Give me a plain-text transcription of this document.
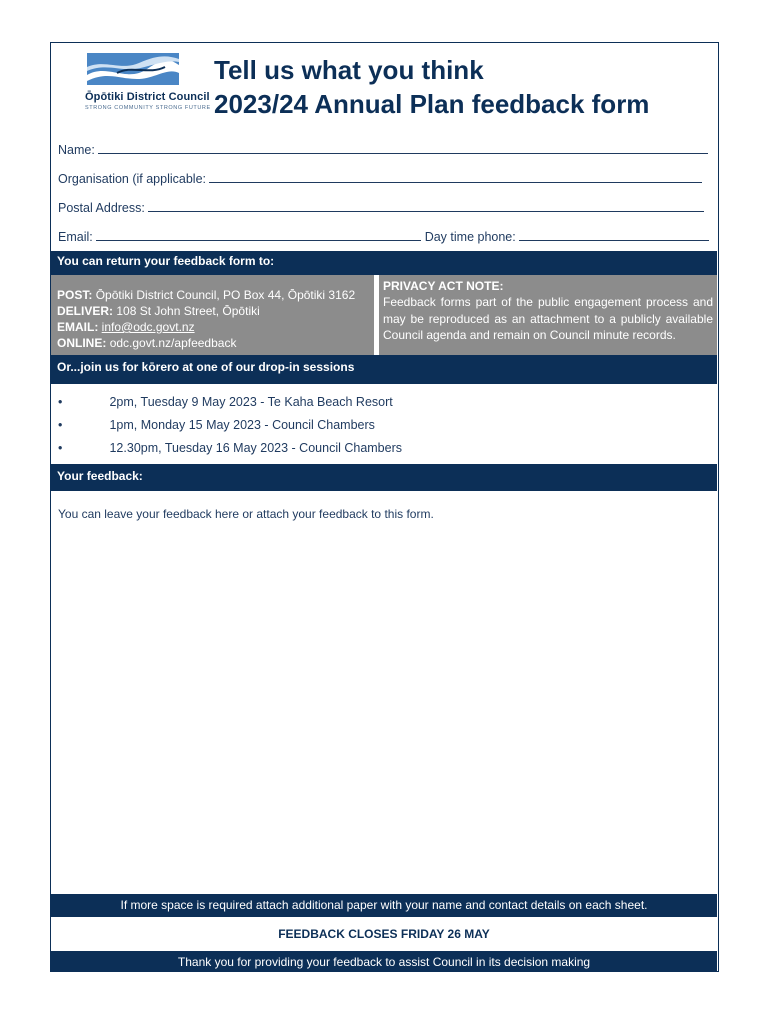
Ōpōtiki District Council
STRONG COMMUNITY STRONG FUTURE
Tell us what you think
2023/24 Annual Plan feedback form
Name:
Organisation (if applicable:
Postal Address:
Email:	Day time phone:
You can return your feedback form to:
POST: Ōpōtiki District Council, PO Box 44, Ōpōtiki 3162
DELIVER: 108 St John Street, Ōpōtiki
EMAIL: info@odc.govt.nz
ONLINE: odc.govt.nz/apfeedback
PRIVACY ACT NOTE:
Feedback forms part of the public engagement process and may be reproduced as an attachment to a publicly available Council agenda and remain on Council minute records.
Or...join us for kōrero at one of our drop-in sessions
•	2pm, Tuesday 9 May 2023 - Te Kaha Beach Resort
•	1pm, Monday 15 May 2023 - Council Chambers
•	12.30pm, Tuesday 16 May 2023 - Council Chambers
Your feedback:
You can leave your feedback here or attach your feedback to this form.
If more space is required attach additional paper with your name and contact details on each sheet.
FEEDBACK CLOSES FRIDAY 26 MAY
Thank you for providing your feedback to assist Council in its decision making
